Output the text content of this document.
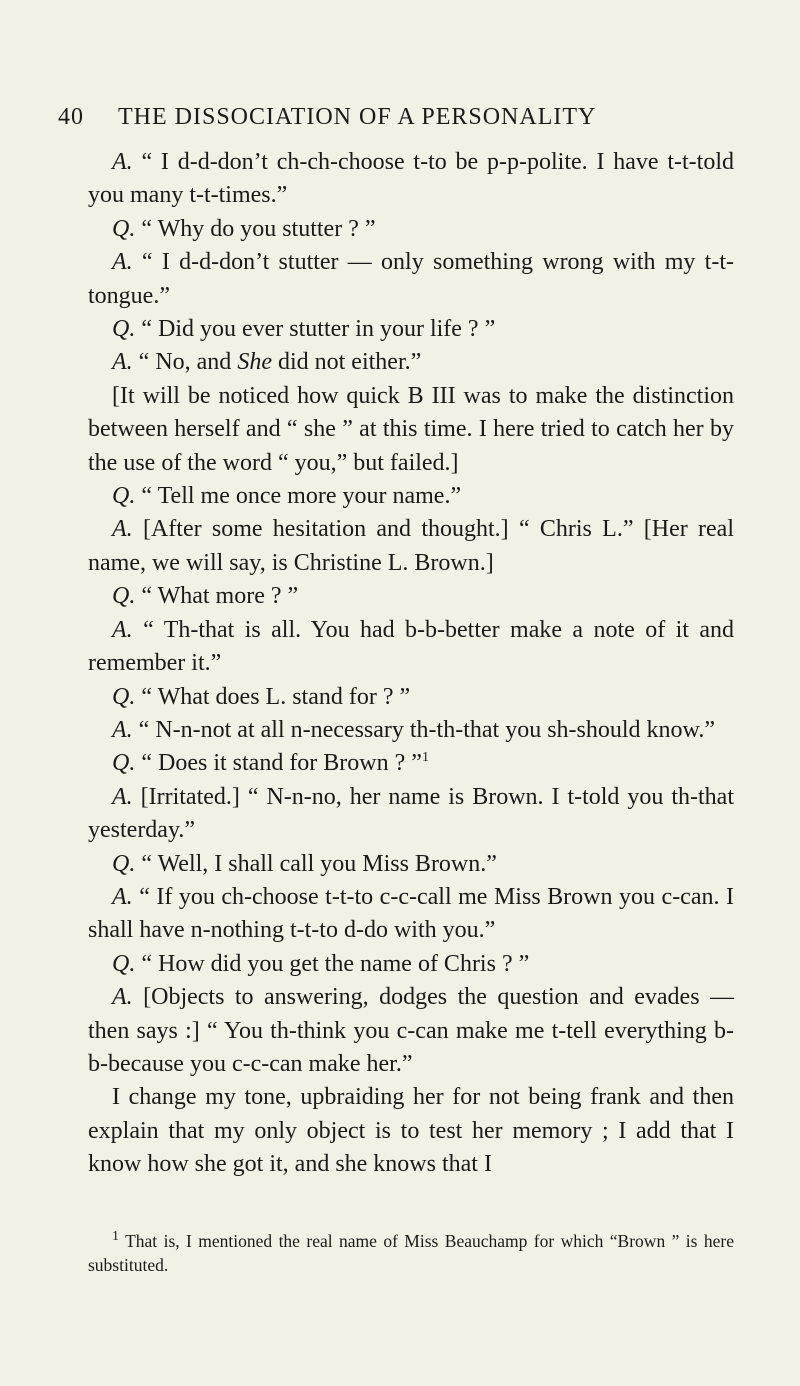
40 THE DISSOCIATION OF A PERSONALITY

A. “ I d-d-don’t ch-ch-choose t-to be p-p-polite. I have t-t-told you many t-t-times.”

Q. “ Why do you stutter ? ”

A. “ I d-d-don’t stutter — only something wrong with my t-t-tongue.”

Q. “ Did you ever stutter in your life ? ”

A. “ No, and She did not either.”

[It will be noticed how quick B III was to make the distinction between herself and “ she ” at this time. I here tried to catch her by the use of the word “ you,” but failed.]

Q. “ Tell me once more your name.”

A. [After some hesitation and thought.] “ Chris L.” [Her real name, we will say, is Christine L. Brown.]

Q. “ What more ? ”

A. “ Th-that is all. You had b-b-better make a note of it and remember it.”

Q. “ What does L. stand for ? ”

A. “ N-n-not at all n-necessary th-th-that you sh-should know.”

Q. “ Does it stand for Brown ? ”$^1$

A. [Irritated.] “ N-n-no, her name is Brown. I t-told you th-that yesterday.”

Q. “ Well, I shall call you Miss Brown.”

A. “ If you ch-choose t-t-to c-c-call me Miss Brown you c-can. I shall have n-nothing t-t-to d-do with you.”

Q. “ How did you get the name of Chris ? ”

A. [Objects to answering, dodges the question and evades — then says :] “ You th-think you c-can make me t-tell everything b-b-because you c-c-can make her.”

I change my tone, upbraiding her for not being frank and then explain that my only object is to test her memory ; I add that I know how she got it, and she knows that I

$^1$ That is, I mentioned the real name of Miss Beauchamp for which “Brown ” is here substituted.
